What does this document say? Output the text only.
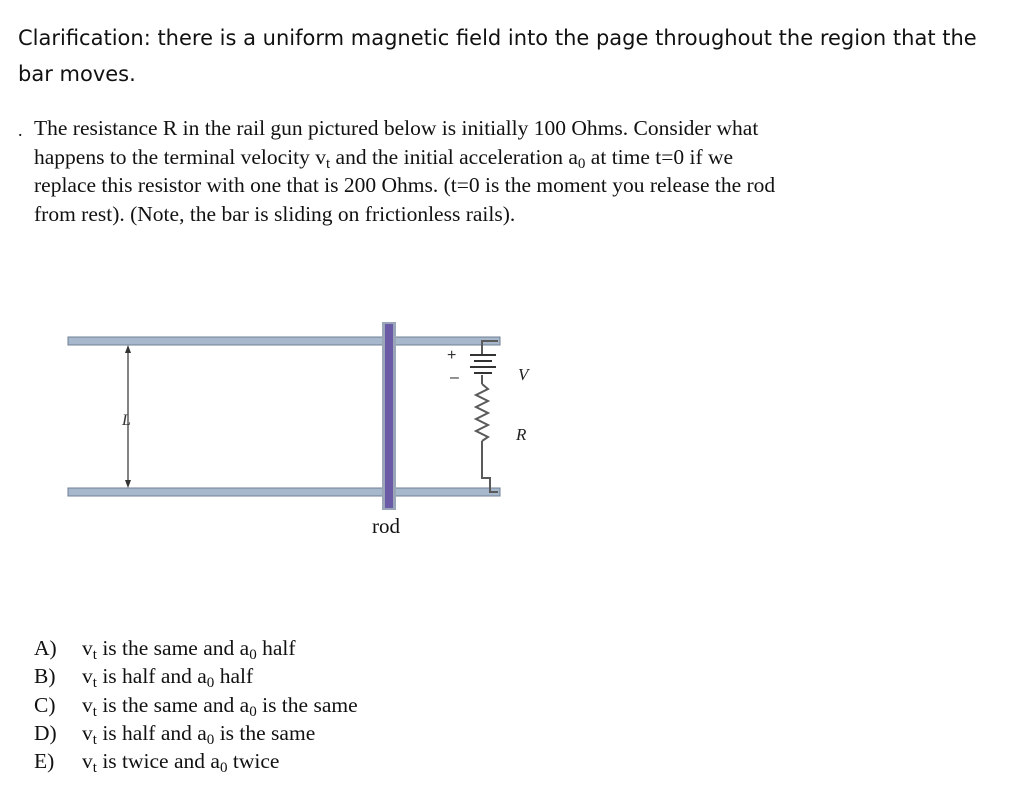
Clarification: there is a uniform magnetic field into the page throughout the region that the bar moves.
. The resistance R in the rail gun pictured below is initially 100 Ohms. Consider what
happens to the terminal velocity $v_t$ and the initial acceleration $a_0$ at time t=0 if we
replace this resistor with one that is 200 Ohms. (t=0 is the moment you release the rod
from rest). (Note, the bar is sliding on frictionless rails).
L
rod
+
–	V
R
A)	$v_t$ is the same and $a_0$ half
B)	$v_t$ is half and $a_0$ half
C)	$v_t$ is the same and $a_0$ is the same
D)	$v_t$ is half and $a_0$ is the same
E)	$v_t$ is twice and $a_0$ twice
